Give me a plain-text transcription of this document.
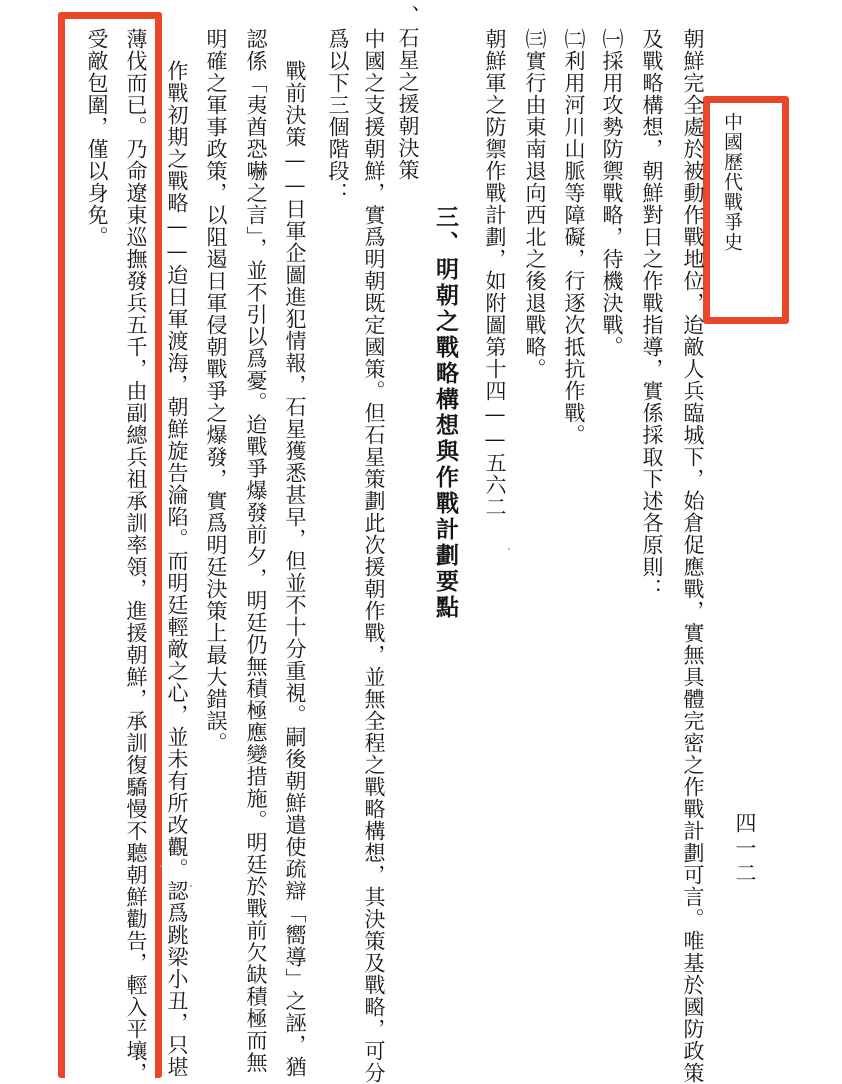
中國歷代戰爭史
四一二
朝鮮完全處於被動作戰地位，迨敵人兵臨城下，始倉促應戰，實無具體完密之作戰計劃可言。唯基於國防政策
及戰略構想，朝鮮對日之作戰指導，實係採取下述各原則：
㈠採用攻勢防禦戰略，待機決戰。
㈡利用河川山脈等障礙，行逐次抵抗作戰。
㈢實行由東南退向西北之後退戰略。
朝鮮軍之防禦作戰計劃，如附圖第十四——五六二
三、明朝之戰略構想與作戰計劃要點
、石星之援朝決策
中國之支援朝鮮，實爲明朝既定國策。但石星策劃此次援朝作戰，並無全程之戰略構想，其決策及戰略，可分
爲以下三個階段：
戰前決策——日軍企圖進犯情報，石星獲悉甚早，但並不十分重視。嗣後朝鮮遣使疏辯「嚮導」之誣，猶
認係「夷酋恐嚇之言」，並不引以爲憂。迨戰爭爆發前夕，明廷仍無積極應變措施。明廷於戰前欠缺積極而無
明確之軍事政策，以阻遏日軍侵朝戰爭之爆發，實爲明廷決策上最大錯誤。
作戰初期之戰略——迨日軍渡海，朝鮮旋告淪陷。而明廷輕敵之心，並未有所改觀。認爲跳梁小丑，只堪
薄伐而已。乃命遼東巡撫發兵五千，由副總兵祖承訓率領，進援朝鮮，承訓復驕慢不聽朝鮮勸告，輕入平壤，
受敵包圍，僅以身免。
